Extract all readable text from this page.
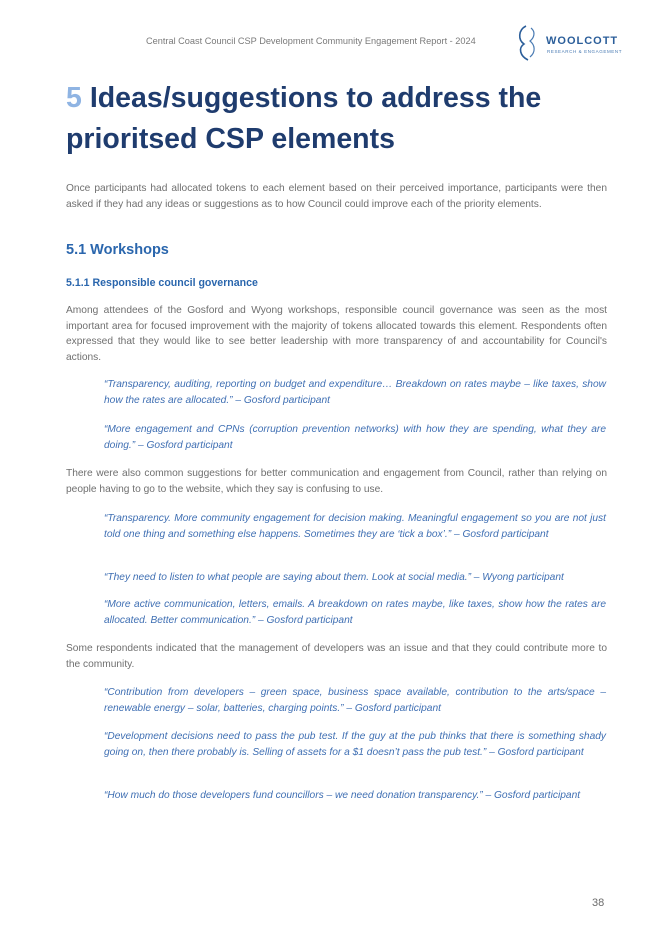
Central Coast Council CSP Development Community Engagement Report - 2024	WOOLCOTT
RESEARCH & ENGAGEMENT
5 Ideas/suggestions to address the prioritsed CSP elements
Once participants had allocated tokens to each element based on their perceived importance, participants were then asked if they had any ideas or suggestions as to how Council could improve each of the priority elements.
5.1 Workshops
5.1.1 Responsible council governance
Among attendees of the Gosford and Wyong workshops, responsible council governance was seen as the most important area for focused improvement with the majority of tokens allocated towards this element. Respondents often expressed that they would like to see better leadership with more transparency of and accountability for Council's actions.
“Transparency, auditing, reporting on budget and expenditure… Breakdown on rates maybe – like taxes, show how the rates are allocated.” – Gosford participant
“More engagement and CPNs (corruption prevention networks) with how they are spending, what they are doing.” – Gosford participant
There were also common suggestions for better communication and engagement from Council, rather than relying on people having to go to the website, which they say is confusing to use.
“Transparency. More community engagement for decision making. Meaningful engagement so you are not just told one thing and something else happens. Sometimes they are ‘tick a box’.” – Gosford participant
“They need to listen to what people are saying about them. Look at social media.” – Wyong participant
“More active communication, letters, emails. A breakdown on rates maybe, like taxes, show how the rates are allocated. Better communication.” – Gosford participant
Some respondents indicated that the management of developers was an issue and that they could contribute more to the community.
“Contribution from developers – green space, business space available, contribution to the arts/space – renewable energy – solar, batteries, charging points.” – Gosford participant
“Development decisions need to pass the pub test. If the guy at the pub thinks that there is something shady going on, then there probably is. Selling of assets for a $1 doesn’t pass the pub test.” – Gosford participant
“How much do those developers fund councillors – we need donation transparency.” – Gosford participant
38
